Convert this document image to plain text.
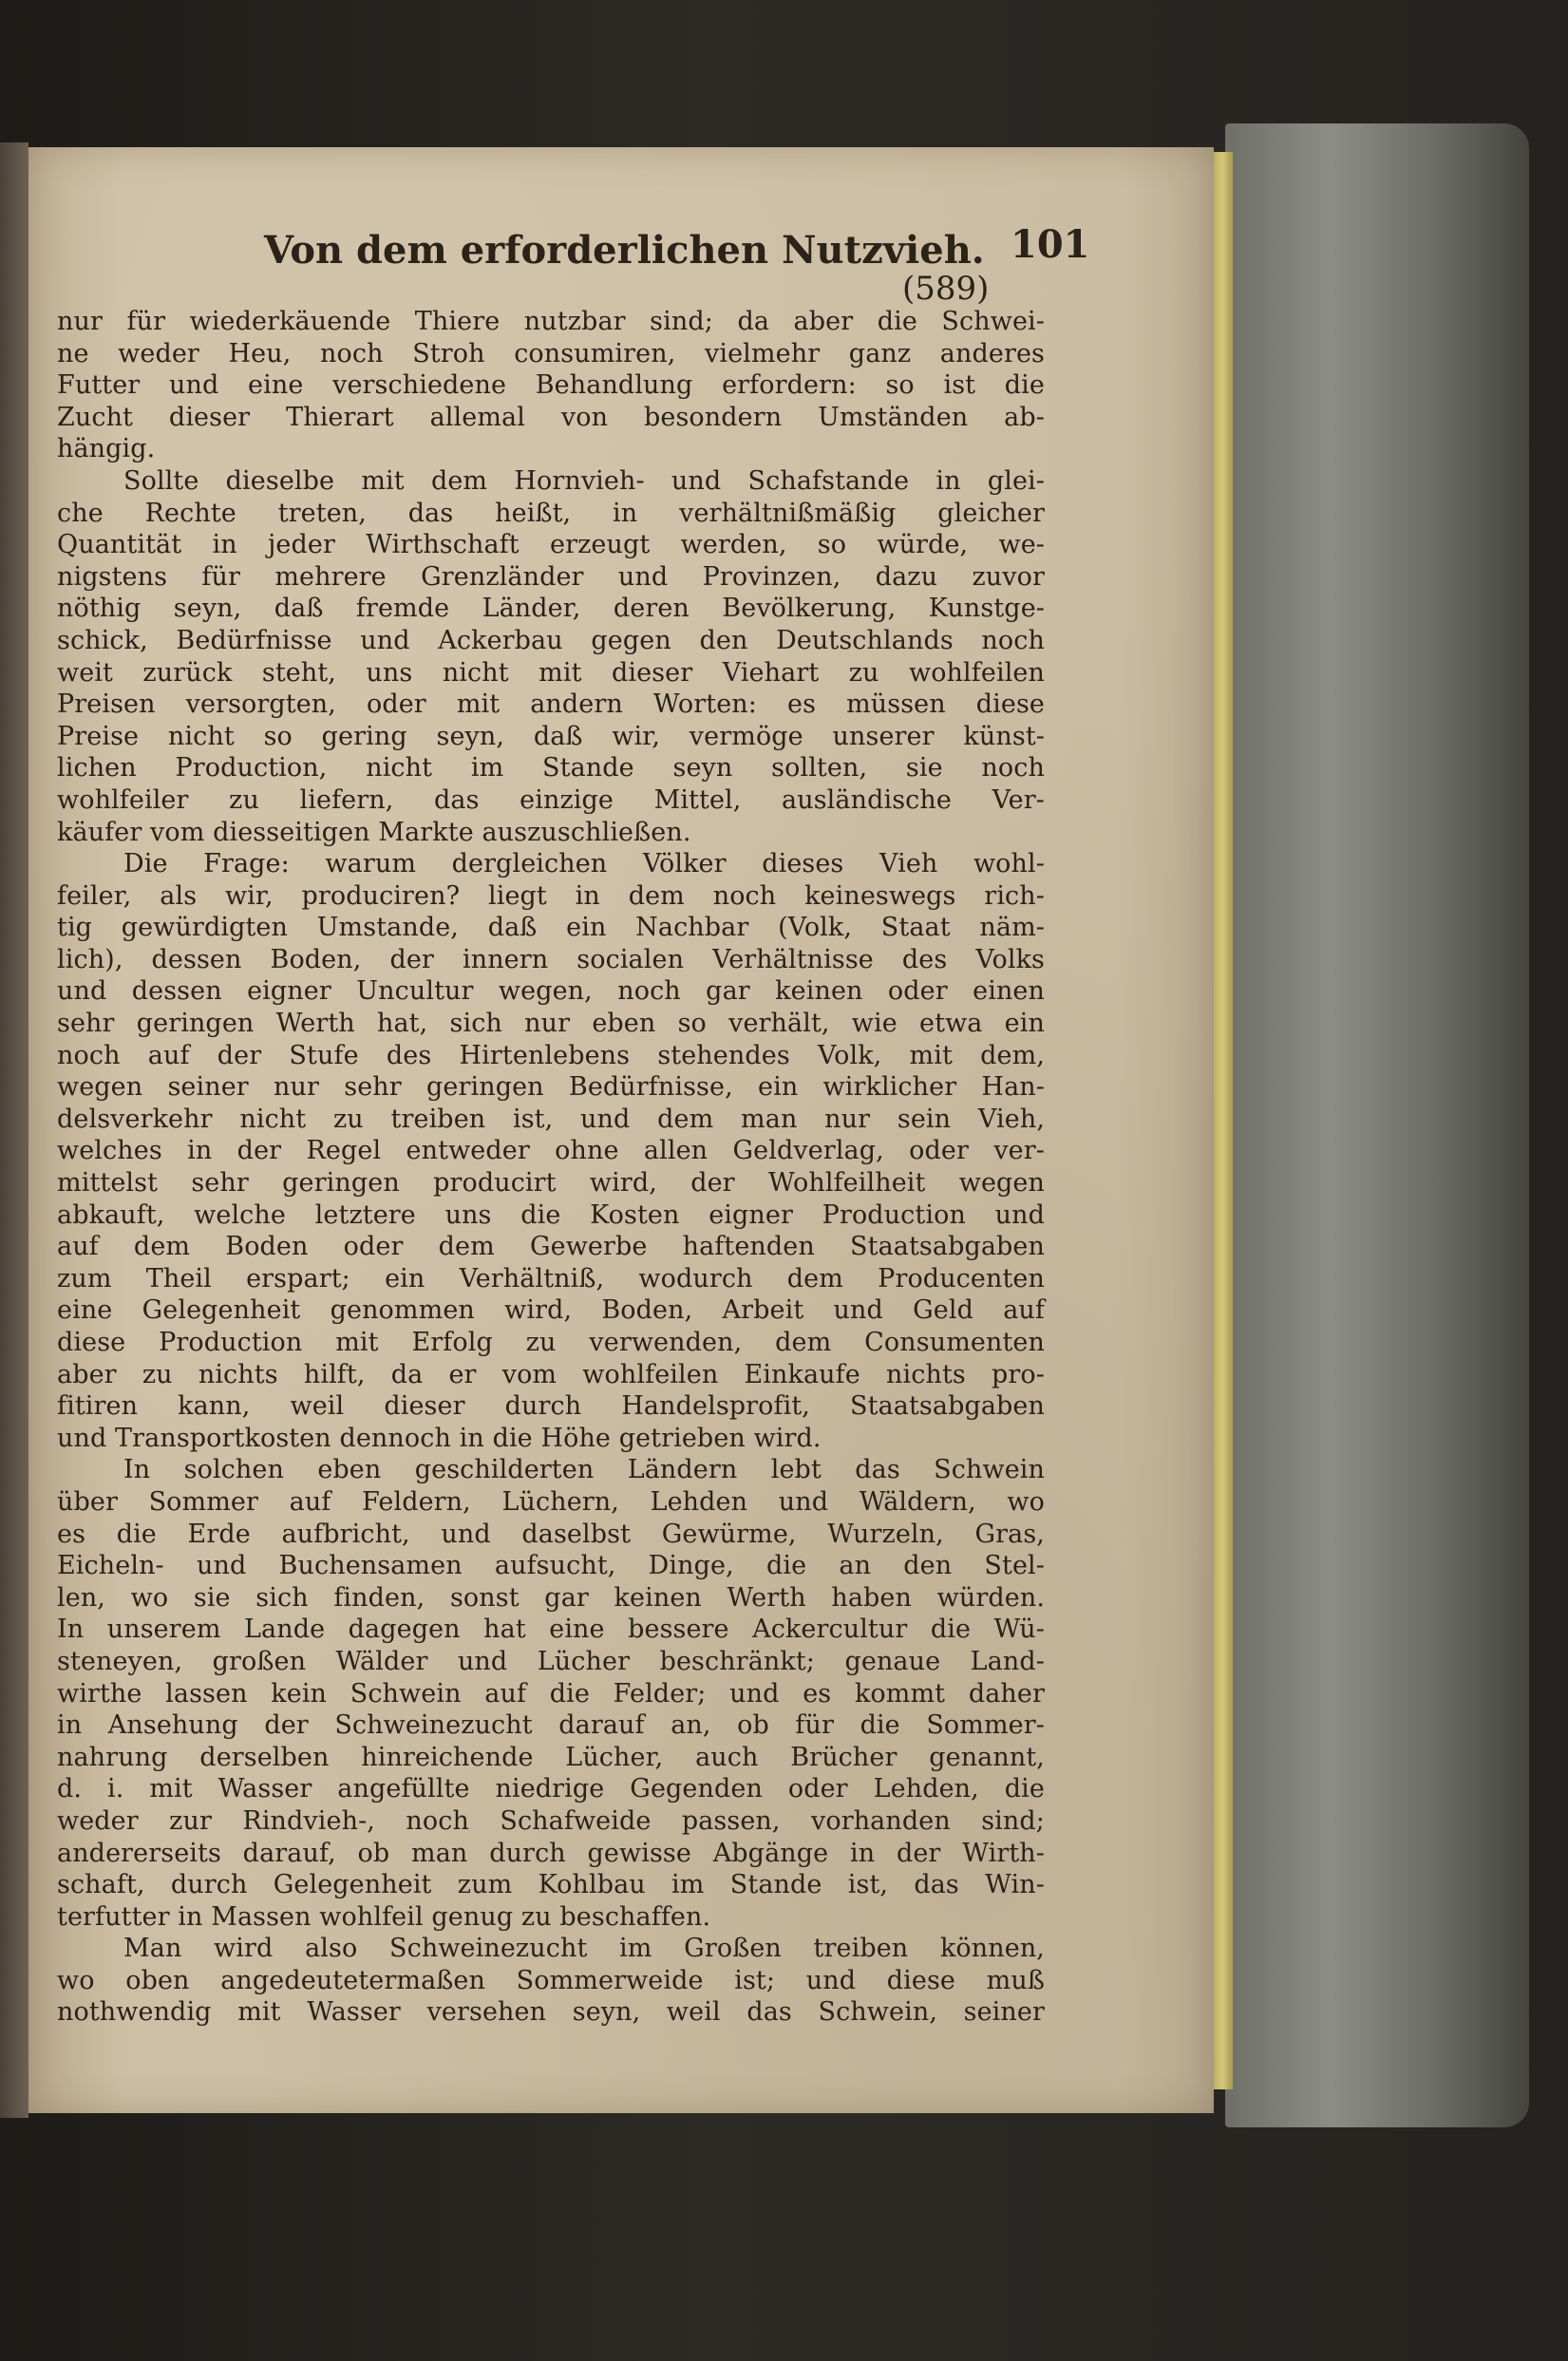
Von dem erforderlichen Nutzvieh. 101
(589)
nur für wiederkäuende Thiere nutzbar sind; da aber die Schwei-
ne weder Heu, noch Stroh consumiren, vielmehr ganz anderes
Futter und eine verschiedene Behandlung erfordern: so ist die
Zucht dieser Thierart allemal von besondern Umständen ab-
hängig.
Sollte dieselbe mit dem Hornvieh- und Schafstande in glei-
che Rechte treten, das heißt, in verhältnißmäßig gleicher
Quantität in jeder Wirthschaft erzeugt werden, so würde, we-
nigstens für mehrere Grenzländer und Provinzen, dazu zuvor
nöthig seyn, daß fremde Länder, deren Bevölkerung, Kunstge-
schick, Bedürfnisse und Ackerbau gegen den Deutschlands noch
weit zurück steht, uns nicht mit dieser Viehart zu wohlfeilen
Preisen versorgten, oder mit andern Worten: es müssen diese
Preise nicht so gering seyn, daß wir, vermöge unserer künst-
lichen Production, nicht im Stande seyn sollten, sie noch
wohlfeiler zu liefern, das einzige Mittel, ausländische Ver-
käufer vom diesseitigen Markte auszuschließen.
Die Frage: warum dergleichen Völker dieses Vieh wohl-
feiler, als wir, produciren? liegt in dem noch keineswegs rich-
tig gewürdigten Umstande, daß ein Nachbar (Volk, Staat näm-
lich), dessen Boden, der innern socialen Verhältnisse des Volks
und dessen eigner Uncultur wegen, noch gar keinen oder einen
sehr geringen Werth hat, sich nur eben so verhält, wie etwa ein
noch auf der Stufe des Hirtenlebens stehendes Volk, mit dem,
wegen seiner nur sehr geringen Bedürfnisse, ein wirklicher Han-
delsverkehr nicht zu treiben ist, und dem man nur sein Vieh,
welches in der Regel entweder ohne allen Geldverlag, oder ver-
mittelst sehr geringen producirt wird, der Wohlfeilheit wegen
abkauft, welche letztere uns die Kosten eigner Production und
auf dem Boden oder dem Gewerbe haftenden Staatsabgaben
zum Theil erspart; ein Verhältniß, wodurch dem Producenten
eine Gelegenheit genommen wird, Boden, Arbeit und Geld auf
diese Production mit Erfolg zu verwenden, dem Consumenten
aber zu nichts hilft, da er vom wohlfeilen Einkaufe nichts pro-
fitiren kann, weil dieser durch Handelsprofit, Staatsabgaben
und Transportkosten dennoch in die Höhe getrieben wird.
In solchen eben geschilderten Ländern lebt das Schwein
über Sommer auf Feldern, Lüchern, Lehden und Wäldern, wo
es die Erde aufbricht, und daselbst Gewürme, Wurzeln, Gras,
Eicheln- und Buchensamen aufsucht, Dinge, die an den Stel-
len, wo sie sich finden, sonst gar keinen Werth haben würden.
In unserem Lande dagegen hat eine bessere Ackercultur die Wü-
steneyen, großen Wälder und Lücher beschränkt; genaue Land-
wirthe lassen kein Schwein auf die Felder; und es kommt daher
in Ansehung der Schweinezucht darauf an, ob für die Sommer-
nahrung derselben hinreichende Lücher, auch Brücher genannt,
d. i. mit Wasser angefüllte niedrige Gegenden oder Lehden, die
weder zur Rindvieh-, noch Schafweide passen, vorhanden sind;
andererseits darauf, ob man durch gewisse Abgänge in der Wirth-
schaft, durch Gelegenheit zum Kohlbau im Stande ist, das Win-
terfutter in Massen wohlfeil genug zu beschaffen.
Man wird also Schweinezucht im Großen treiben können,
wo oben angedeutetermaßen Sommerweide ist; und diese muß
nothwendig mit Wasser versehen seyn, weil das Schwein, seiner
